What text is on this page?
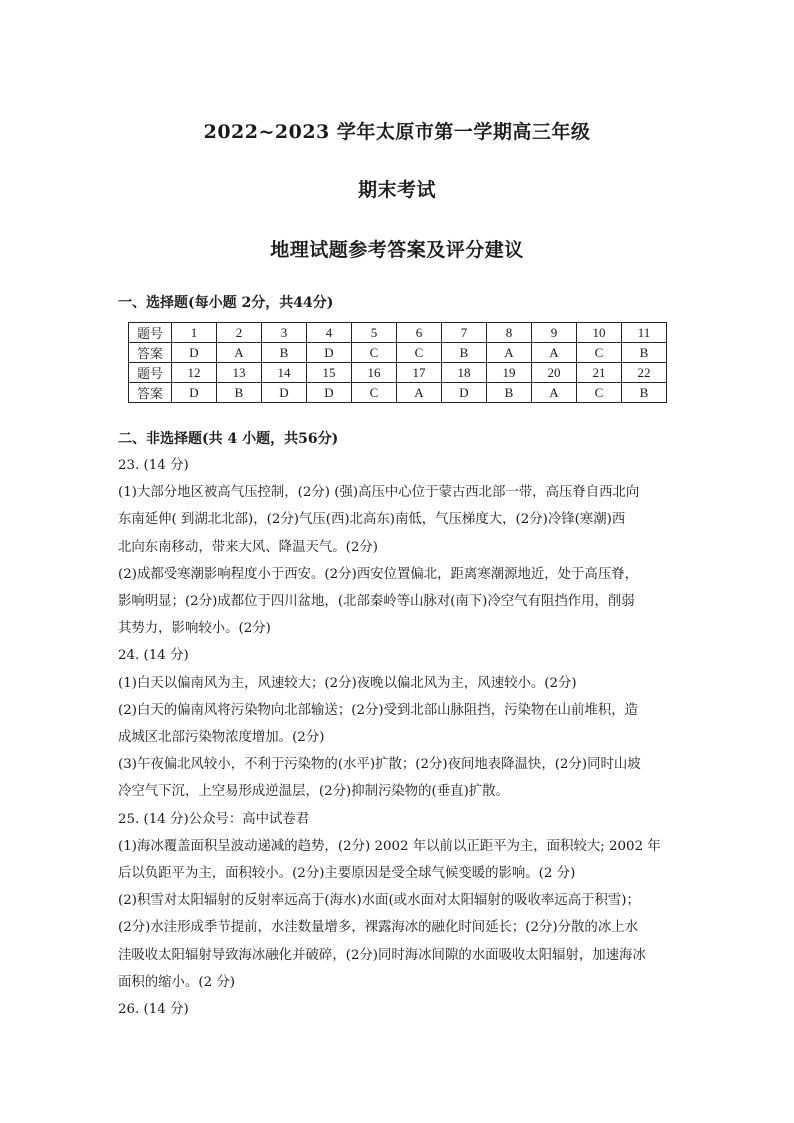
2022~2023 学年太原市第一学期高三年级
期末考试
地理试题参考答案及评分建议
一、选择题(每小题 2分，共44分)
题号	1	2	3	4	5	6	7	8	9	10	11
答案	D	A	B	D	C	C	B	A	A	C	B
题号	12	13	14	15	16	17	18	19	20	21	22
答案	D	B	D	D	C	A	D	B	A	C	B
二、非选择题(共 4 小题，共56分)

23. (14 分)

(1)大部分地区被高气压控制，(2分) (强)高压中心位于蒙古西北部一带，高压脊自西北向

东南延伸( 到湖北北部)，(2分)气压(西)北高东)南低，气压梯度大，(2分)冷锋(寒潮)西

北向东南移动，带来大风、降温天气。(2分)

(2)成都受寒潮影响程度小于西安。(2分)西安位置偏北，距离寒潮源地近，处于高压脊，

影响明显；(2分)成都位于四川盆地，(北部秦岭等山脉对(南下)冷空气有阻挡作用，削弱

其势力，影响较小。(2分)

24. (14 分)

(1)白天以偏南风为主，风速较大；(2分)夜晚以偏北风为主，风速较小。(2分)

(2)白天的偏南风将污染物向北部输送；(2分)受到北部山脉阻挡，污染物在山前堆积，造

成城区北部污染物浓度增加。(2分)

(3)午夜偏北风较小，不利于污染物的(水平)扩散；(2分)夜间地表降温快，(2分)同时山坡

冷空气下沉，上空易形成逆温层，(2分)抑制污染物的(垂直)扩散。

25. (14 分)公众号：高中试卷君

(1)海冰覆盖面积呈波动递减的趋势，(2分) 2002 年以前以正距平为主，面积较大; 2002 年

后以负距平为主，面积较小。(2分)主要原因是受全球气候变暖的影响。(2 分)

(2)积雪对太阳辐射的反射率远高于(海水)水面(或水面对太阳辐射的吸收率远高于积雪)；

(2分)水洼形成季节提前，水洼数量增多，裸露海冰的融化时间延长；(2分)分散的冰上水

洼吸收太阳辐射导致海冰融化并破碎，(2分)同时海冰间隙的水面吸收太阳辐射，加速海冰

面积的缩小。(2 分)

26. (14 分)
